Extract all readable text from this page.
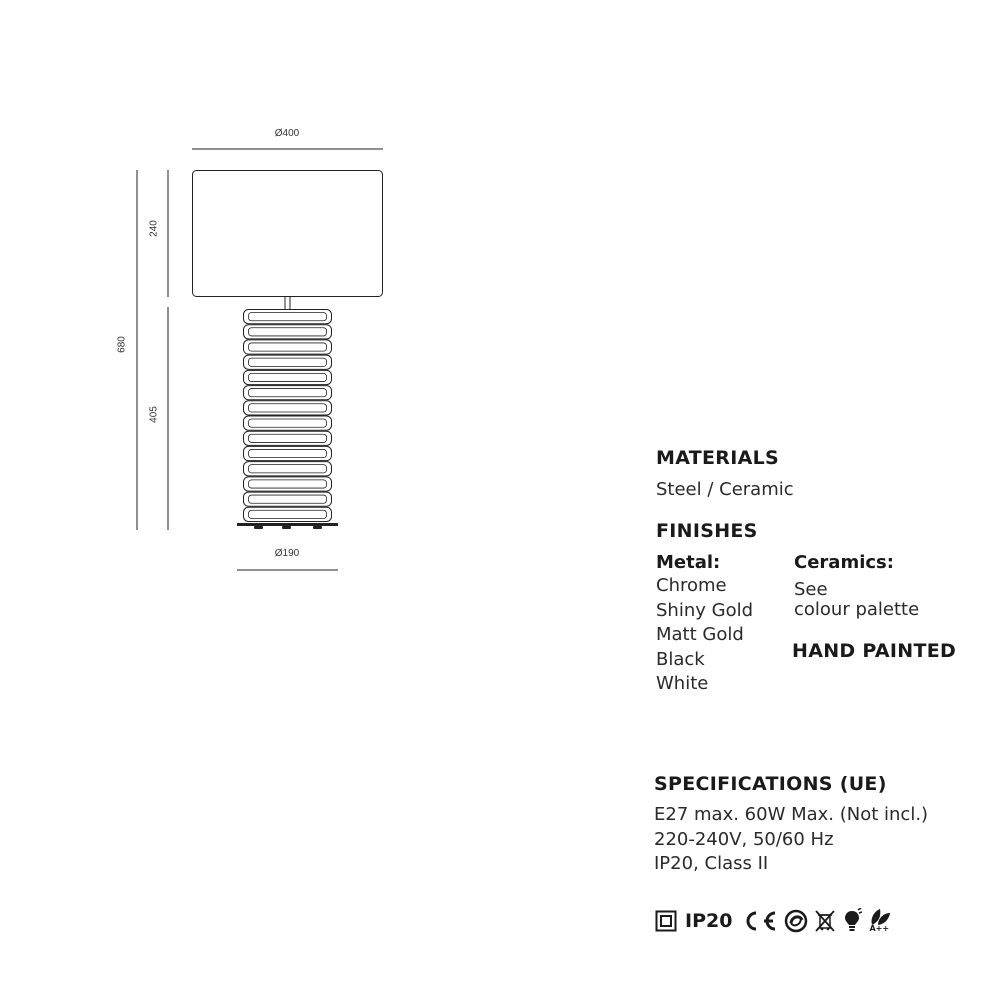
Ø400
240
680
405
Ø190
MATERIALS
Steel / Ceramic
FINISHES
Metal:
Chrome
Shiny Gold
Matt Gold
Black
White
Ceramics:
See
colour palette
HAND PAINTED
SPECIFICATIONS (UE)
E27 max. 60W Max. (Not incl.)
220-240V, 50/60 Hz
IP20, Class II
IP20	A++
